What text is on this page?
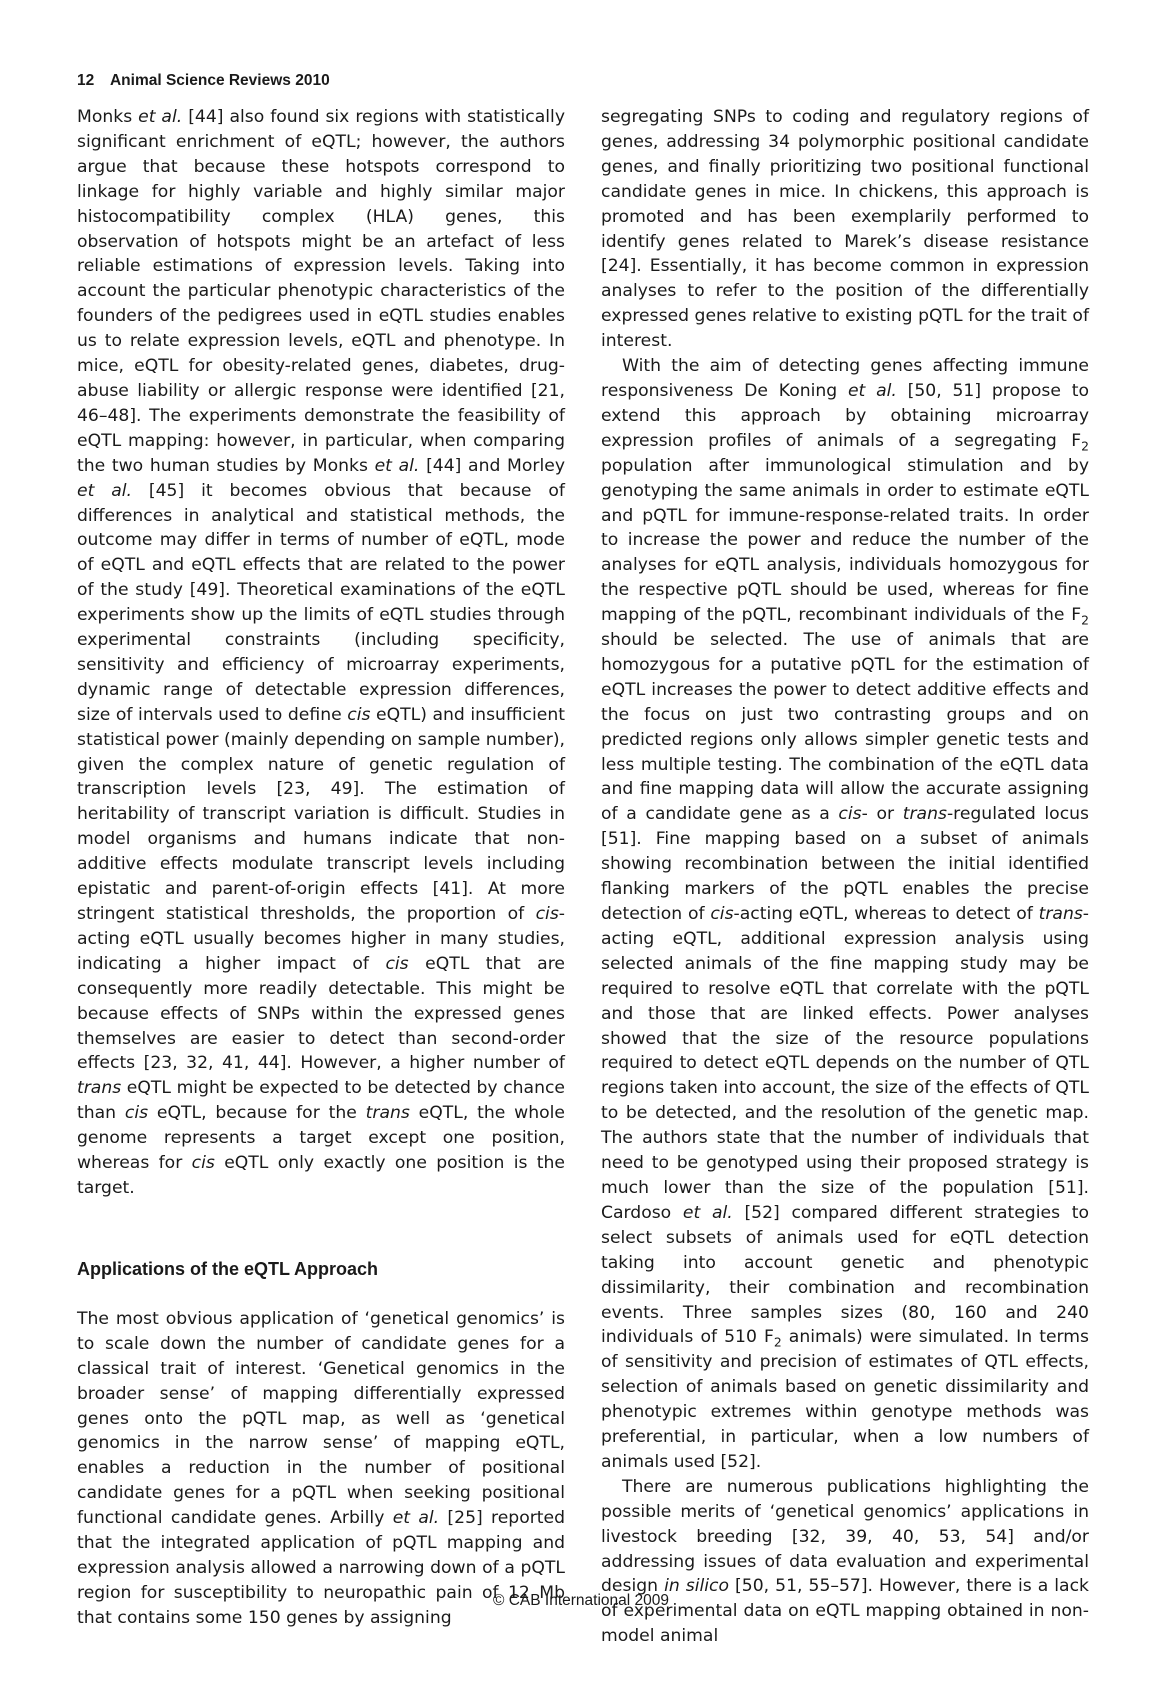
12 Animal Science Reviews 2010

Monks et al. [44] also found six regions with statistically significant enrichment of eQTL; however, the authors argue that because these hotspots correspond to linkage for highly variable and highly similar major histocompatibility complex (HLA) genes, this observation of hotspots might be an artefact of less reliable estimations of expression levels. Taking into account the particular phenotypic characteristics of the founders of the pedigrees used in eQTL studies enables us to relate expression levels, eQTL and phenotype. In mice, eQTL for obesity-related genes, diabetes, drug-abuse liability or allergic response were identified [21, 46–48]. The experiments demonstrate the feasibility of eQTL mapping: however, in particular, when comparing the two human studies by Monks et al. [44] and Morley et al. [45] it becomes obvious that because of differences in analytical and statistical methods, the outcome may differ in terms of number of eQTL, mode of eQTL and eQTL effects that are related to the power of the study [49]. Theoretical examinations of the eQTL experiments show up the limits of eQTL studies through experimental constraints (including specificity, sensitivity and efficiency of microarray experiments, dynamic range of detectable expression differences, size of intervals used to define cis eQTL) and insufficient statistical power (mainly depending on sample number), given the complex nature of genetic regulation of transcription levels [23, 49]. The estimation of heritability of transcript variation is difficult. Studies in model organisms and humans indicate that non-additive effects modulate transcript levels including epistatic and parent-of-origin effects [41]. At more stringent statistical thresholds, the proportion of cis-acting eQTL usually becomes higher in many studies, indicating a higher impact of cis eQTL that are consequently more readily detectable. This might be because effects of SNPs within the expressed genes themselves are easier to detect than second-order effects [23, 32, 41, 44]. However, a higher number of trans eQTL might be expected to be detected by chance than cis eQTL, because for the trans eQTL, the whole genome represents a target except one position, whereas for cis eQTL only exactly one position is the target.

Applications of the eQTL Approach

The most obvious application of ‘genetical genomics’ is to scale down the number of candidate genes for a classical trait of interest. ‘Genetical genomics in the broader sense’ of mapping differentially expressed genes onto the pQTL map, as well as ‘genetical genomics in the narrow sense’ of mapping eQTL, enables a reduction in the number of positional candidate genes for a pQTL when seeking positional functional candidate genes. Arbilly et al. [25] reported that the integrated application of pQTL mapping and expression analysis allowed a narrowing down of a pQTL region for susceptibility to neuropathic pain of 12 Mb that contains some 150 genes by assigning

segregating SNPs to coding and regulatory regions of genes, addressing 34 polymorphic positional candidate genes, and finally prioritizing two positional functional candidate genes in mice. In chickens, this approach is promoted and has been exemplarily performed to identify genes related to Marek’s disease resistance [24]. Essentially, it has become common in expression analyses to refer to the position of the differentially expressed genes relative to existing pQTL for the trait of interest.

With the aim of detecting genes affecting immune responsiveness De Koning et al. [50, 51] propose to extend this approach by obtaining microarray expression profiles of animals of a segregating $F_2$ population after immunological stimulation and by genotyping the same animals in order to estimate eQTL and pQTL for immune-response-related traits. In order to increase the power and reduce the number of the analyses for eQTL analysis, individuals homozygous for the respective pQTL should be used, whereas for fine mapping of the pQTL, recombinant individuals of the $F_2$ should be selected. The use of animals that are homozygous for a putative pQTL for the estimation of eQTL increases the power to detect additive effects and the focus on just two contrasting groups and on predicted regions only allows simpler genetic tests and less multiple testing. The combination of the eQTL data and fine mapping data will allow the accurate assigning of a candidate gene as a cis- or trans-regulated locus [51]. Fine mapping based on a subset of animals showing recombination between the initial identified flanking markers of the pQTL enables the precise detection of cis-acting eQTL, whereas to detect of trans-acting eQTL, additional expression analysis using selected animals of the fine mapping study may be required to resolve eQTL that correlate with the pQTL and those that are linked effects. Power analyses showed that the size of the resource populations required to detect eQTL depends on the number of QTL regions taken into account, the size of the effects of QTL to be detected, and the resolution of the genetic map. The authors state that the number of individuals that need to be genotyped using their proposed strategy is much lower than the size of the population [51]. Cardoso et al. [52] compared different strategies to select subsets of animals used for eQTL detection taking into account genetic and phenotypic dissimilarity, their combination and recombination events. Three samples sizes (80, 160 and 240 individuals of 510 $F_2$ animals) were simulated. In terms of sensitivity and precision of estimates of QTL effects, selection of animals based on genetic dissimilarity and phenotypic extremes within genotype methods was preferential, in particular, when a low numbers of animals used [52].

There are numerous publications highlighting the possible merits of ‘genetical genomics’ applications in livestock breeding [32, 39, 40, 53, 54] and/or addressing issues of data evaluation and experimental design in silico [50, 51, 55–57]. However, there is a lack of experimental data on eQTL mapping obtained in non-model animal

© CAB International 2009
